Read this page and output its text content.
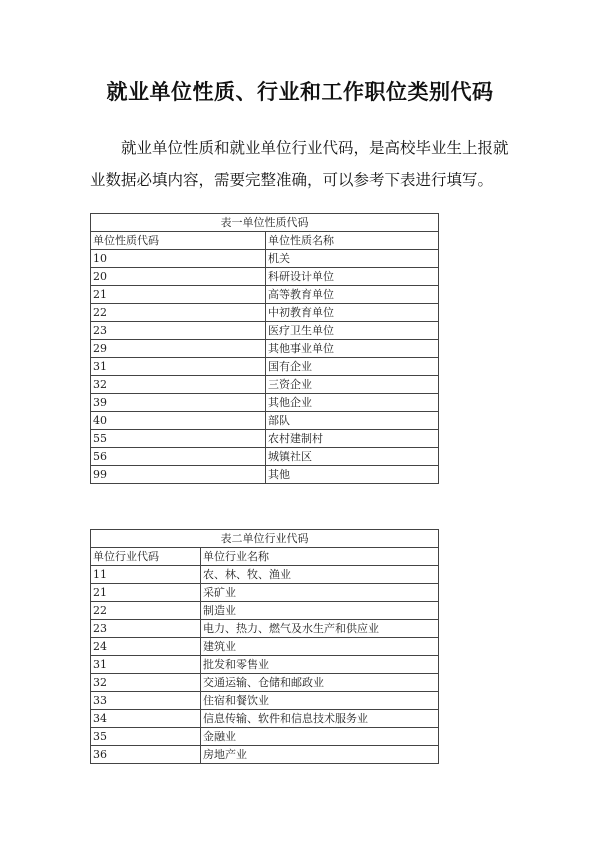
就业单位性质、行业和工作职位类别代码

就业单位性质和就业单位行业代码，是高校毕业生上报就业数据必填内容，需要完整准确，可以参考下表进行填写。

表一单位性质代码	
单位性质代码	单位性质名称
10	机关
20	科研设计单位
21	高等教育单位
22	中初教育单位
23	医疗卫生单位
29	其他事业单位
31	国有企业
32	三资企业
39	其他企业
40	部队
55	农村建制村
56	城镇社区
99	其他
表二单位行业代码	
单位行业代码	单位行业名称
11	农、林、牧、渔业
21	采矿业
22	制造业
23	电力、热力、燃气及水生产和供应业
24	建筑业
31	批发和零售业
32	交通运输、仓储和邮政业
33	住宿和餐饮业
34	信息传输、软件和信息技术服务业
35	金融业
36	房地产业
